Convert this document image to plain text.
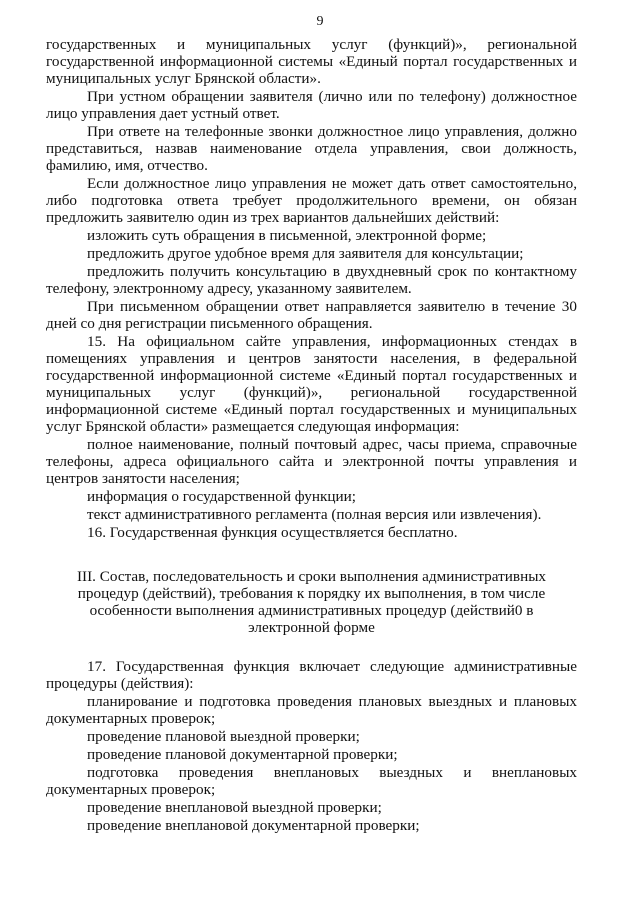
9

государственных и муниципальных услуг (функций)», региональной государственной информационной системы «Единый портал государственных и муниципальных услуг Брянской области».

При устном обращении заявителя (лично или по телефону) должностное лицо управления дает устный ответ.

При ответе на телефонные звонки должностное лицо управления, должно представиться, назвав наименование отдела управления, свои должность, фамилию, имя, отчество.

Если должностное лицо управления не может дать ответ самостоятельно, либо подготовка ответа требует продолжительного времени, он обязан предложить заявителю один из трех вариантов дальнейших действий:

изложить суть обращения в письменной, электронной форме;

предложить другое удобное время для заявителя для консультации;

предложить получить консультацию в двухдневный срок по контактному телефону, электронному адресу, указанному заявителем.

При письменном обращении ответ направляется заявителю в течение 30 дней со дня регистрации письменного обращения.

15. На официальном сайте управления, информационных стендах в помещениях управления и центров занятости населения, в федеральной государственной информационной системе «Единый портал государственных и муниципальных услуг (функций)», региональной государственной информационной системе «Единый портал государственных и муниципальных услуг Брянской области» размещается следующая информация:

полное наименование, полный почтовый адрес, часы приема, справочные телефоны, адреса официального сайта и электронной почты управления и центров занятости населения;

информация о государственной функции;

текст административного регламента (полная версия или извлечения).

16. Государственная функция осуществляется бесплатно.

III. Состав, последовательность и сроки выполнения административных
процедур (действий), требования к порядку их выполнения, в том числе
особенности выполнения административных процедур (действий0 в
электронной форме

17. Государственная функция включает следующие административные процедуры (действия):

планирование и подготовка проведения плановых выездных и плановых документарных проверок;

проведение плановой выездной проверки;

проведение плановой документарной проверки;

подготовка проведения внеплановых выездных и внеплановых документарных проверок;

проведение внеплановой выездной проверки;

проведение внеплановой документарной проверки;
